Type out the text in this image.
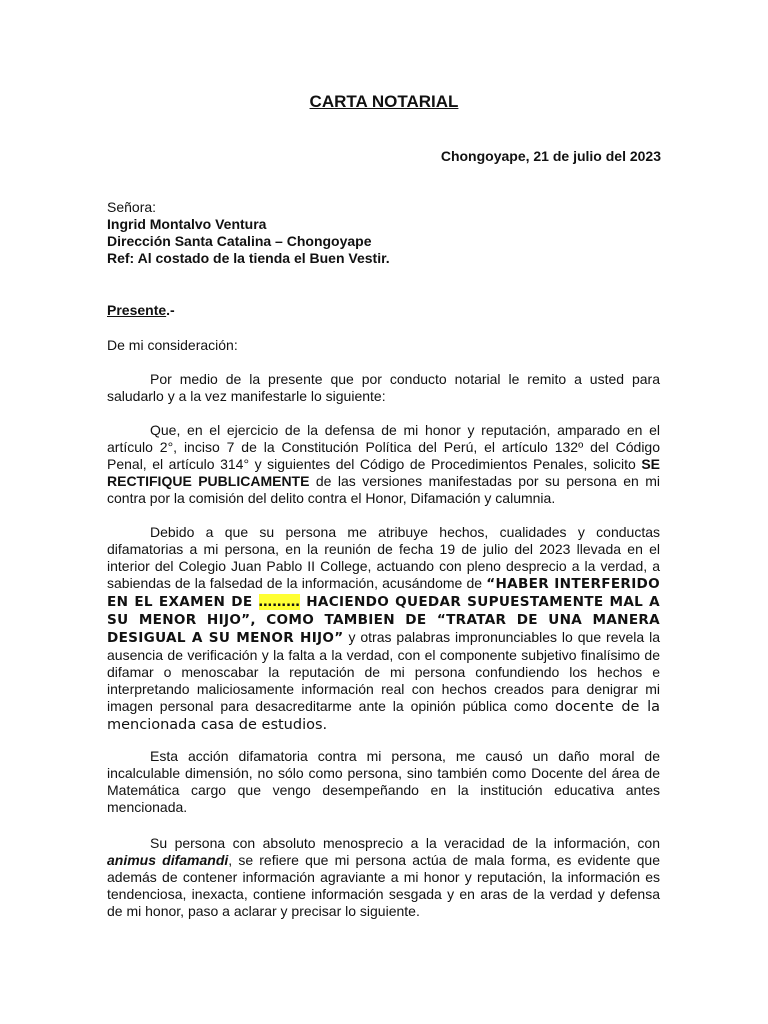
CARTA NOTARIAL
Chongoyape, 21 de julio del 2023
Señora:
Ingrid Montalvo Ventura
Dirección Santa Catalina – Chongoyape
Ref: Al costado de la tienda el Buen Vestir.
Presente.-
De mi consideración:
Por medio de la presente que por conducto notarial le remito a usted para saludarlo y a la vez manifestarle lo siguiente:
Que, en el ejercicio de la defensa de mi honor y reputación, amparado en el artículo 2°, inciso 7 de la Constitución Política del Perú, el artículo 132º del Código Penal, el artículo 314° y siguientes del Código de Procedimientos Penales, solicito SE RECTIFIQUE PUBLICAMENTE de las versiones manifestadas por su persona en mi contra por la comisión del delito contra el Honor, Difamación y calumnia.
Debido a que su persona me atribuye hechos, cualidades y conductas difamatorias a mi persona, en la reunión de fecha 19 de julio del 2023 llevada en el interior del Colegio Juan Pablo II College, actuando con pleno desprecio a la verdad, a sabiendas de la falsedad de la información, acusándome de “HABER INTERFERIDO EN EL EXAMEN DE ……… HACIENDO QUEDAR SUPUESTAMENTE MAL A SU MENOR HIJO”, COMO TAMBIEN DE “TRATAR DE UNA MANERA DESIGUAL A SU MENOR HIJO” y otras palabras impronunciables lo que revela la ausencia de verificación y la falta a la verdad, con el componente subjetivo finalísimo de difamar o menoscabar la reputación de mi persona confundiendo los hechos e interpretando maliciosamente información real con hechos creados para denigrar mi imagen personal para desacreditarme ante la opinión pública como docente de la mencionada casa de estudios.
Esta acción difamatoria contra mi persona, me causó un daño moral de incalculable dimensión, no sólo como persona, sino también como Docente del área de Matemática cargo que vengo desempeñando en la institución educativa antes mencionada.
Su persona con absoluto menosprecio a la veracidad de la información, con animus difamandi, se refiere que mi persona actúa de mala forma, es evidente que además de contener información agraviante a mi honor y reputación, la información es tendenciosa, inexacta, contiene información sesgada y en aras de la verdad y defensa de mi honor, paso a aclarar y precisar lo siguiente.
